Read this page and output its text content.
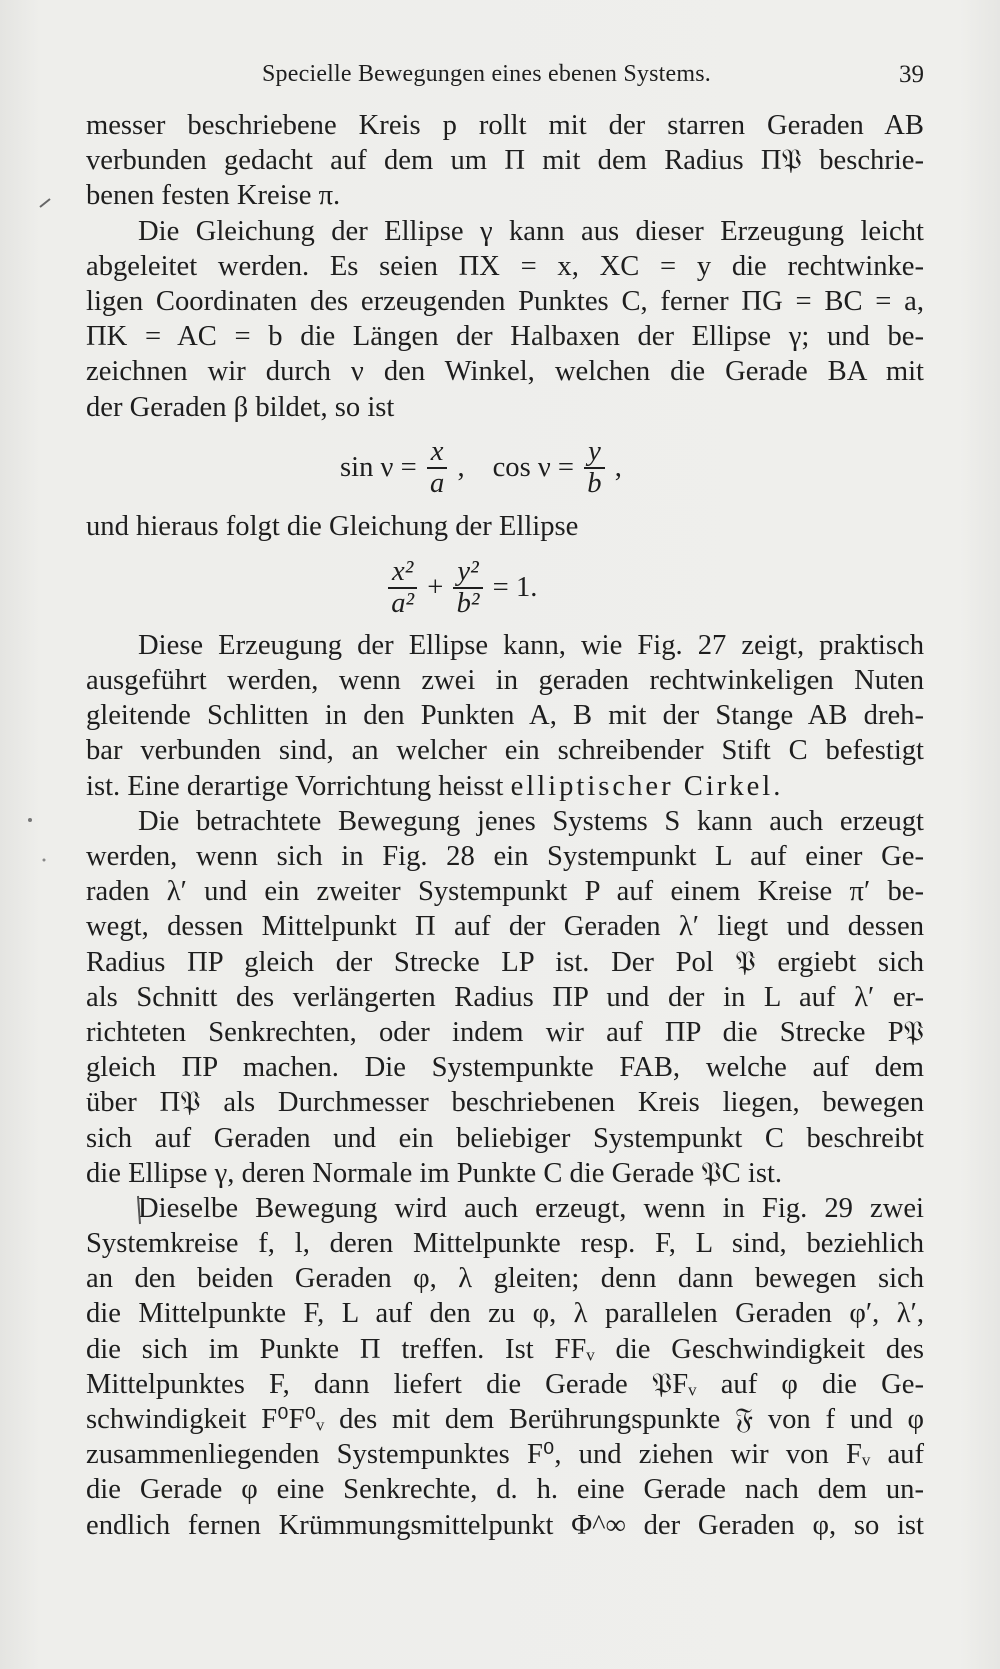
Specielle Bewegungen eines ebenen Systems.	39
messer beschriebene Kreis p rollt mit der starren Geraden AB
verbunden gedacht auf dem um Π mit dem Radius Π𝔓 beschrie-
benen festen Kreise π.
Die Gleichung der Ellipse γ kann aus dieser Erzeugung leicht
abgeleitet werden. Es seien ΠX = x, XC = y die rechtwinke-
ligen Coordinaten des erzeugenden Punktes C, ferner ΠG = BC = a,
ΠK = AC = b die Längen der Halbaxen der Ellipse γ; und be-
zeichnen wir durch ν den Winkel, welchen die Gerade BA mit
der Geraden β bildet, so ist
und hieraus folgt die Gleichung der Ellipse
Diese Erzeugung der Ellipse kann, wie Fig. 27 zeigt, praktisch
ausgeführt werden, wenn zwei in geraden rechtwinkeligen Nuten
gleitende Schlitten in den Punkten A, B mit der Stange AB dreh-
bar verbunden sind, an welcher ein schreibender Stift C befestigt
ist. Eine derartige Vorrichtung heisst elliptischer Cirkel.
Die betrachtete Bewegung jenes Systems S kann auch erzeugt
werden, wenn sich in Fig. 28 ein Systempunkt L auf einer Ge-
raden λ′ und ein zweiter Systempunkt P auf einem Kreise π′ be-
wegt, dessen Mittelpunkt Π auf der Geraden λ′ liegt und dessen
Radius ΠP gleich der Strecke LP ist. Der Pol 𝔓 ergiebt sich
als Schnitt des verlängerten Radius ΠP und der in L auf λ′ er-
richteten Senkrechten, oder indem wir auf ΠP die Strecke P𝔓
gleich ΠP machen. Die Systempunkte FAB, welche auf dem
über Π𝔓 als Durchmesser beschriebenen Kreis liegen, bewegen
sich auf Geraden und ein beliebiger Systempunkt C beschreibt
die Ellipse γ, deren Normale im Punkte C die Gerade 𝔓C ist.
Dieselbe Bewegung wird auch erzeugt, wenn in Fig. 29 zwei
Systemkreise f, l, deren Mittelpunkte resp. F, L sind, beziehlich
an den beiden Geraden φ, λ gleiten; denn dann bewegen sich
die Mittelpunkte F, L auf den zu φ, λ parallelen Geraden φ′, λ′,
die sich im Punkte Π treffen. Ist FFᵥ die Geschwindigkeit des
Mittelpunktes F, dann liefert die Gerade 𝔓Fᵥ auf φ die Ge-
schwindigkeit F⁰F⁰ᵥ des mit dem Berührungspunkte 𝔉 von f und φ
zusammenliegenden Systempunktes F⁰, und ziehen wir von Fᵥ auf
die Gerade φ eine Senkrechte, d. h. eine Gerade nach dem un-
endlich fernen Krümmungsmittelpunkt Φ^∞ der Geraden φ, so ist
$\sin \nu = \frac{x}{a}$ , $\cos \nu = \frac{y}{b}$ ,
$\frac{\text{x²}}{\text{a²}} + \frac{\text{y²}}{\text{b²}} = 1$.
